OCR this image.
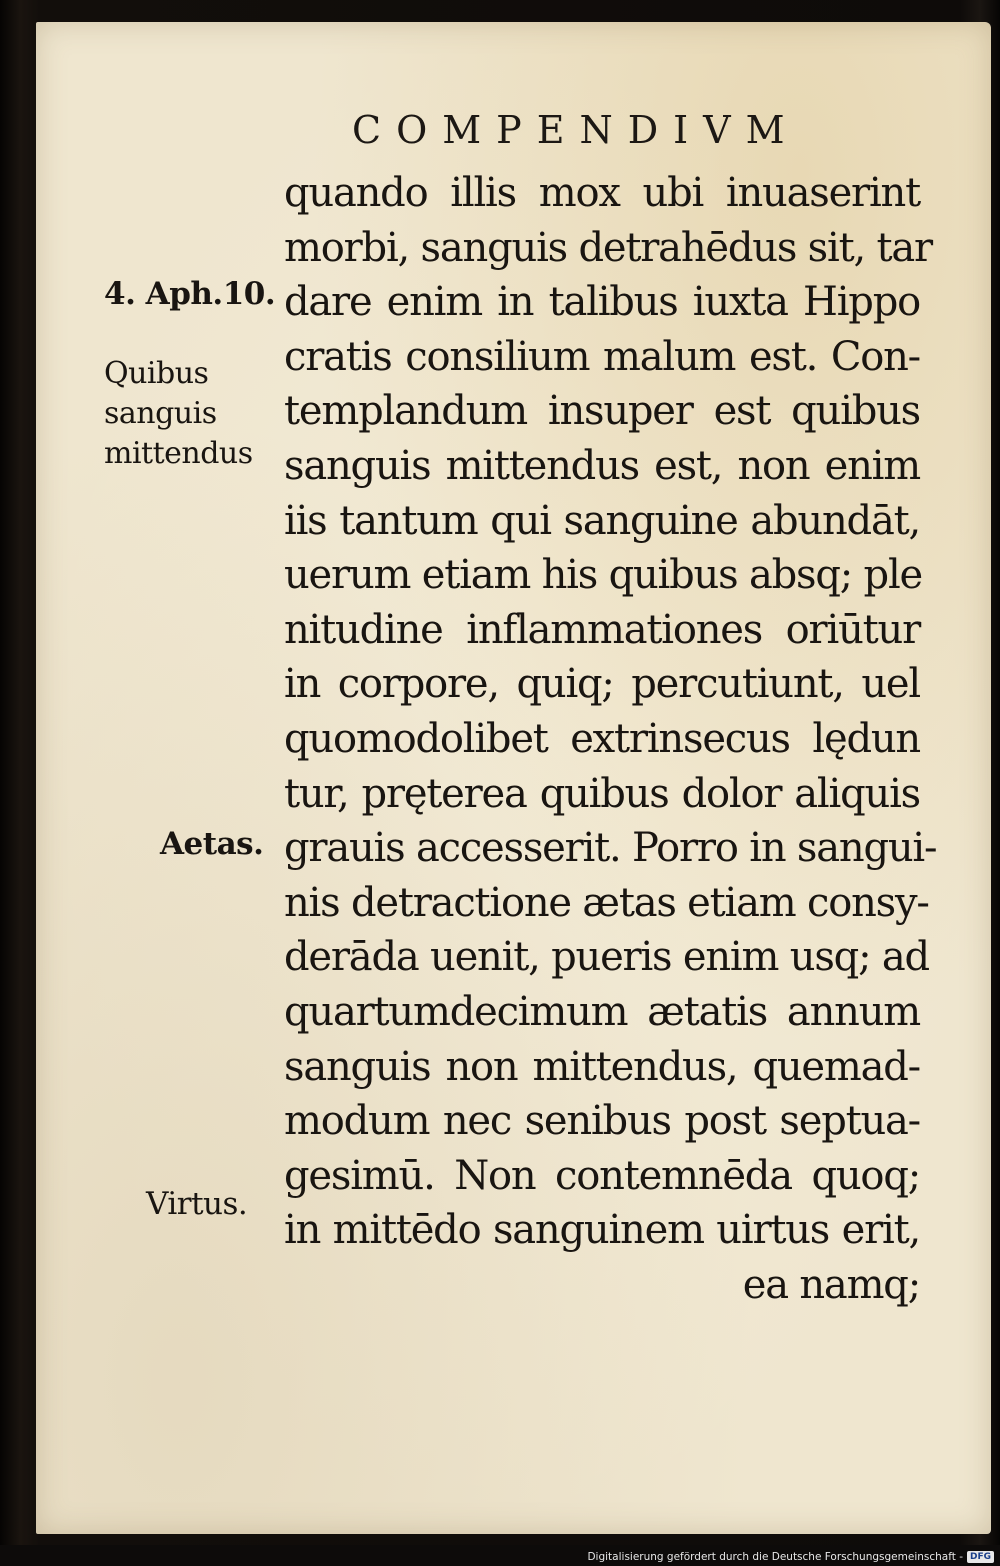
COMPENDIVM
4. Aph.10.
Quibus
sanguis
mittendus
Aetas.
Virtus.
quando illis mox ubi inuaserint
morbi, sanguis detrahēdus sit, tar
dare enim in talibus iuxta Hippo
cratis consilium malum est. Con-
templandum insuper est quibus
sanguis mittendus est, non enim
iis tantum qui sanguine abundāt,
uerum etiam his quibus absq; ple
nitudine inflammationes oriūtur
in corpore, quiq; percutiunt, uel
quomodolibet extrinsecus lędun
tur, pręterea quibus dolor aliquis
grauis accesserit. Porro in sangui-
nis detractione ætas etiam consy-
derāda uenit, pueris enim usq; ad
quartumdecimum ætatis annum
sanguis non mittendus, quemad-
modum nec senibus post septua-
gesimū. Non contemnēda quoq;
in mittēdo sanguinem uirtus erit,
ea namq;
Digitalisierung gefördert durch die Deutsche Forschungsgemeinschaft - DFG
